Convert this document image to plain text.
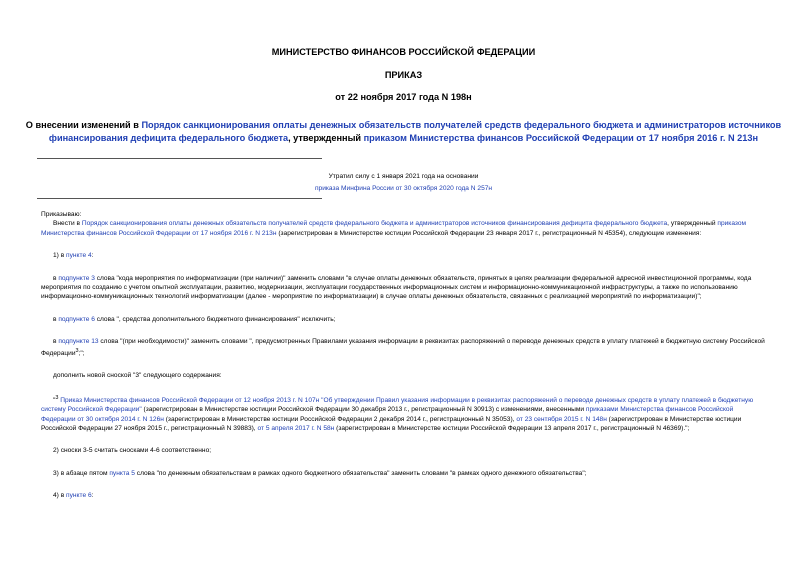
МИНИСТЕРСТВО ФИНАНСОВ РОССИЙСКОЙ ФЕДЕРАЦИИ
ПРИКАЗ
от 22 ноября 2017 года N 198н
О внесении изменений в Порядок санкционирования оплаты денежных обязательств получателей средств федерального бюджета и администраторов источников финансирования дефицита федерального бюджета, утвержденный приказом Министерства финансов Российской Федерации от 17 ноября 2016 г. N 213н
Утратил силу с 1 января 2021 года на основании
приказа Минфина России от 30 октября 2020 года N 257н

Приказываю:

Внести в Порядок санкционирования оплаты денежных обязательств получателей средств федерального бюджета и администраторов источников финансирования дефицита федерального бюджета, утвержденный приказом Министерства финансов Российской Федерации от 17 ноября 2016 г. N 213н (зарегистрирован в Министерстве юстиции Российской Федерации 23 января 2017 г., регистрационный N 45354), следующие изменения:

1) в пункте 4:

в подпункте 3 слова "кода мероприятия по информатизации (при наличии)" заменить словами "в случае оплаты денежных обязательств, принятых в целях реализации федеральной адресной инвестиционной программы, кода мероприятия по созданию с учетом опытной эксплуатации, развитию, модернизации, эксплуатации государственных информационных систем и информационно-коммуникационной инфраструктуры, а также по использованию информационно-коммуникационных технологий информатизации (далее - мероприятие по информатизации) в случае оплаты денежных обязательств, связанных с реализацией мероприятий по информатизации)";

в подпункте 6 слова ", средства дополнительного бюджетного финансирования" исключить;

в подпункте 13 слова "(при необходимости)" заменить словами ", предусмотренных Правилами указания информации в реквизитах распоряжений о переводе денежных средств в уплату платежей в бюджетную систему Российской Федерации$^3$;";

дополнить новой сноской "3" следующего содержания:

"$^3$ Приказ Министерства финансов Российской Федерации от 12 ноября 2013 г. N 107н "Об утверждении Правил указания информации в реквизитах распоряжений о переводе денежных средств в уплату платежей в бюджетную систему Российской Федерации" (зарегистрирован в Министерстве юстиции Российской Федерации 30 декабря 2013 г., регистрационный N 30913) с изменениями, внесенными приказами Министерства финансов Российской Федерации от 30 октября 2014 г. N 126н (зарегистрирован в Министерстве юстиции Российской Федерации 2 декабря 2014 г., регистрационный N 35053), от 23 сентября 2015 г. N 148н (зарегистрирован в Министерстве юстиции Российской Федерации 27 ноября 2015 г., регистрационный N 39883), от 5 апреля 2017 г. N 58н (зарегистрирован в Министерстве юстиции Российской Федерации 13 апреля 2017 г., регистрационный N 46369).";

2) сноски 3-5 считать сносками 4-6 соответственно;

3) в абзаце пятом пункта 5 слова "по денежным обязательствам в рамках одного бюджетного обязательства" заменить словами "в рамках одного денежного обязательства";

4) в пункте 6:
